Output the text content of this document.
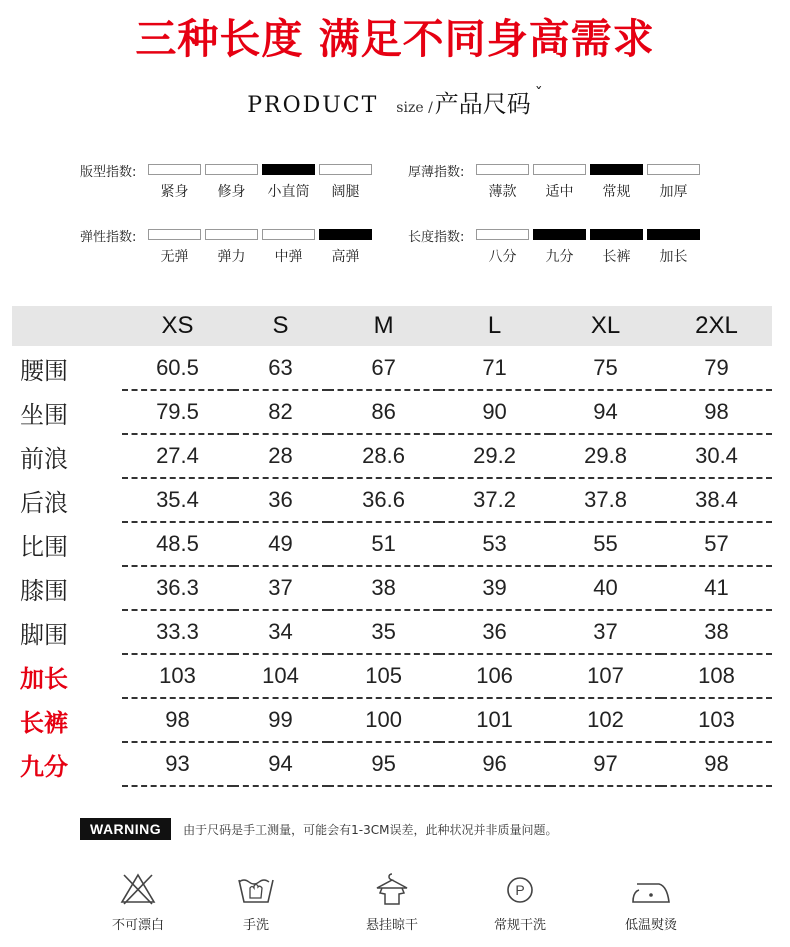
三种长度 满足不同身高需求
PRODUCT size /产品尺码 ˇ
版型指数:
紧身	修身	小直筒	阔腿
厚薄指数:
薄款	适中	常规	加厚
弹性指数:
无弹	弹力	中弹	高弹
长度指数:
八分	九分	长裤	加长
	XS	S	M	L	XL	2XL
腰围	60.5	63	67	71	75	79
坐围	79.5	82	86	90	94	98
前浪	27.4	28	28.6	29.2	29.8	30.4
后浪	35.4	36	36.6	37.2	37.8	38.4
比围	48.5	49	51	53	55	57
膝围	36.3	37	38	39	40	41
脚围	33.3	34	35	36	37	38
加长	103	104	105	106	107	108
长裤	98	99	100	101	102	103
九分	93	94	95	96	97	98
WARNING	由于尺码是手工测量，可能会有1-3CM误差，此种状况并非质量问题。
不可漂白	手洗	悬挂晾干
P
常规干洗	低温熨烫
